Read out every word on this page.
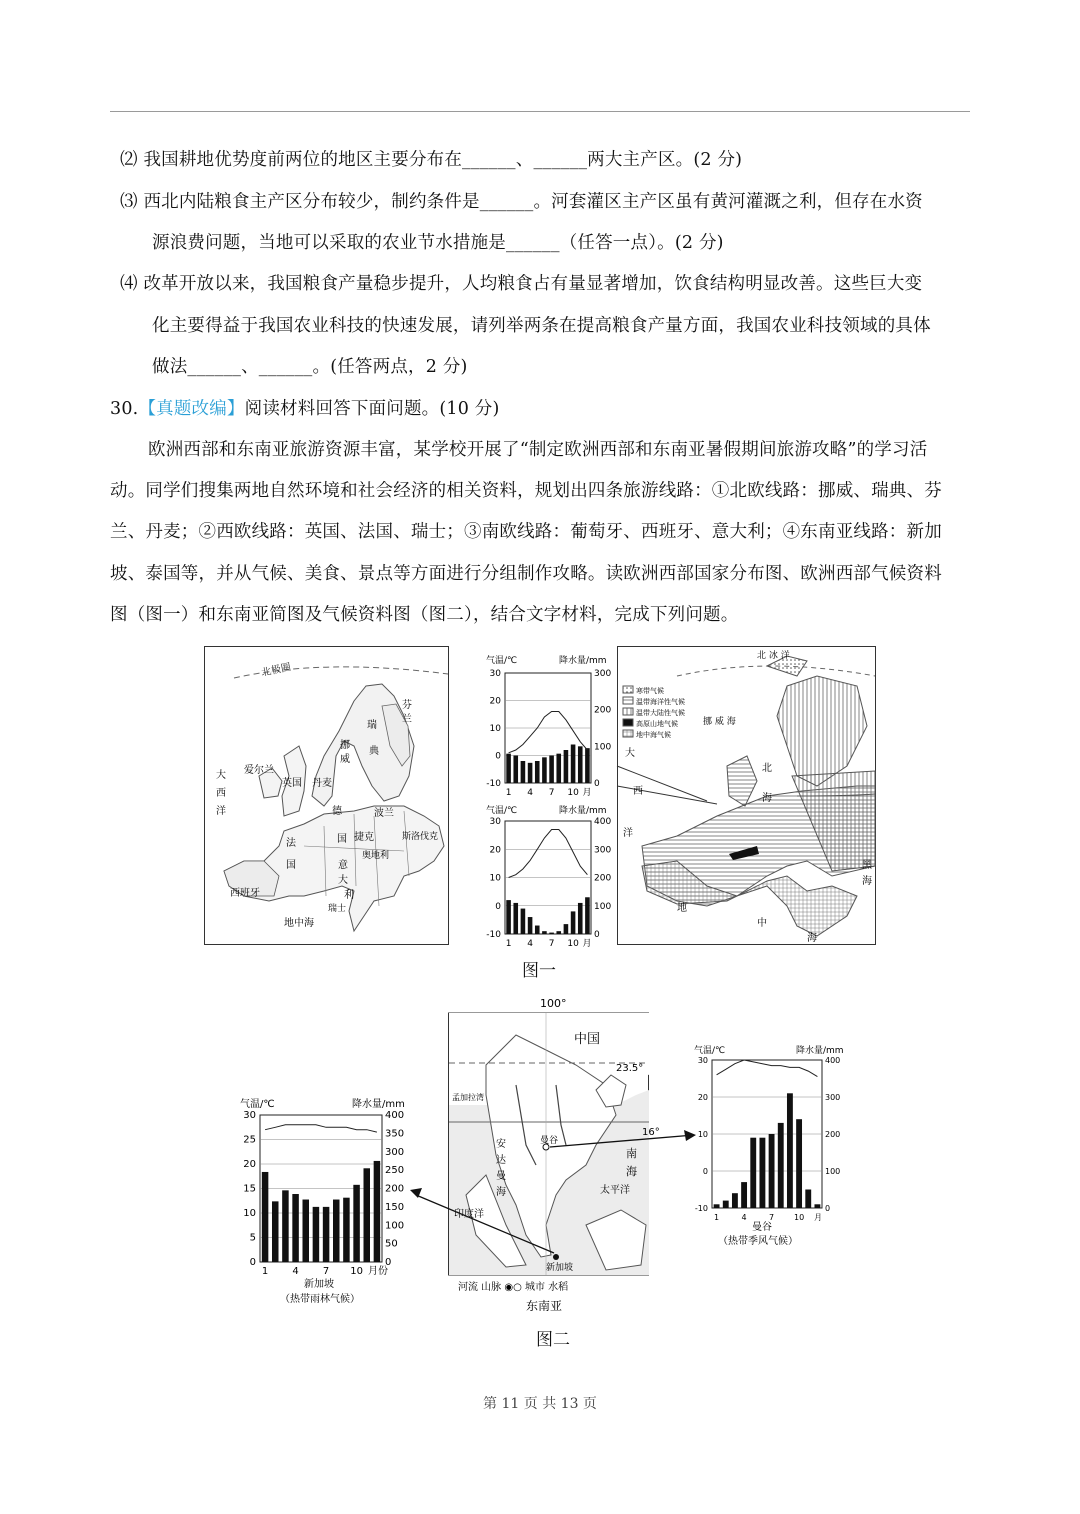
⑵ 我国耕地优势度前两位的地区主要分布在______、______两大主产区。(2 分)
⑶ 西北内陆粮食主产区分布较少，制约条件是______。河套灌区主产区虽有黄河灌溉之利，但存在水资
源浪费问题，当地可以采取的农业节水措施是______（任答一点）。(2 分)
⑷ 改革开放以来，我国粮食产量稳步提升，人均粮食占有量显著增加，饮食结构明显改善。这些巨大变
化主要得益于我国农业科技的快速发展，请列举两条在提高粮食产量方面，我国农业科技领域的具体
做法______、______。(任答两点，2 分)
30.【真题改编】阅读材料回答下面问题。(10 分)
欧洲西部和东南亚旅游资源丰富，某学校开展了“制定欧洲西部和东南亚暑假期间旅游攻略”的学习活
动。同学们搜集两地自然环境和社会经济的相关资料，规划出四条旅游线路：①北欧线路：挪威、瑞典、芬
兰、丹麦；②西欧线路：英国、法国、瑞士；③南欧线路：葡萄牙、西班牙、意大利；④东南亚线路：新加
坡、泰国等，并从气候、美食、景点等方面进行分组制作攻略。读欧洲西部国家分布图、欧洲西部气候资料
图（图一）和东南亚简图及气候资料图（图二），结合文字材料，完成下列问题。
北极圈
芬
兰
瑞
典
挪
威
爱尔兰
英国 丹麦
大
西
洋	德
国
波兰
捷克	斯洛伐克
奥地利
法
国
瑞士
意
大
利
西班牙
地中海
气温/℃	降水量/mm
30
20
10
0
-10
300
200
100
0
1 4 7 10 月
气温/℃	降水量/mm
30
20
10
0
-10
400
300
200
100
0
1 4 7 10 月
北 冰 洋
挪 威 海
寒带气候
温带海洋性气候
温带大陆性气候
高原山地气候
地中海气候
大
西
洋
北
海
黑
海
地
中
海
图一
气温/℃	降水量/mm
30
25
20
15
10
5
0
400
350
300
250
200
150
100
50
0
1 4 7 10 月份
新加坡
（热带雨林气候）
100°
中国
23.5°
16°
孟加拉湾
安
达
曼
海
曼谷
南
海
太平洋
印度洋
新加坡
河流 山脉 ◉○ 城市 水稻
东南亚
气温/℃	降水量/mm
30
20
10
0
-10
400
300
200
100
0
1	4	7 10 月
曼谷
（热带季风气候）
图二
第 11 页 共 13 页
